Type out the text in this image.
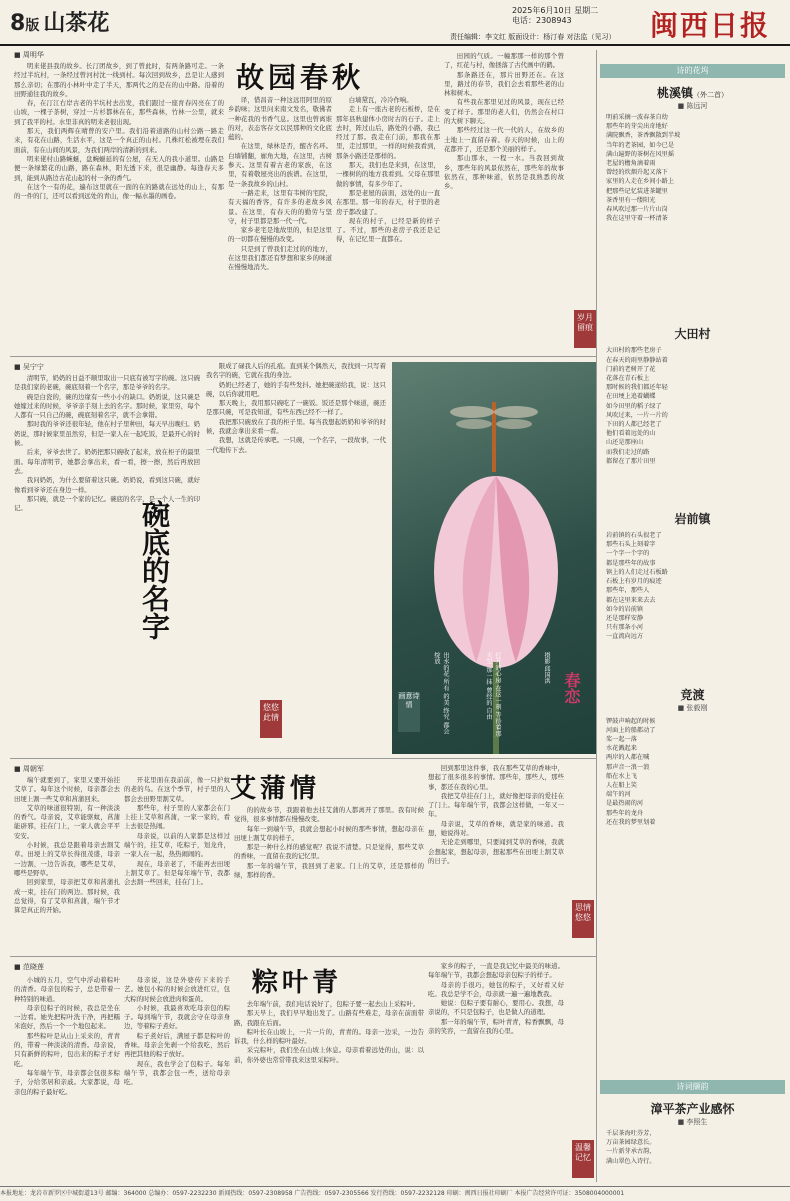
8版 山茶花
2025年6月10日 星期二
电话：2308943
责任编辑：李文红 版面设计：杨汀春 对法监（见习） 闽西日报
■ 周明华
故园春秋

明来佬县我的故乡。长汀团故乡，到了曾此时，有两条路可走。一条经过半坑村，一条经过曾河村沈一线到村。每次回到故乡，总是让人感到那么亲切；在那的小林叶中走了半天，那两代之的是在的山中路。沿着的田野通往我的故乡。

春，在汀江右岸古老的半坑村去出发，我们跟过一座育春闪亮在了的山坡，一棵子茶树，穿过一片杉都林在在，那些森林，竹林一公里，就来到了我平的村。水里非真的明来老很出现。

那天，我们两辉在晴曾的安户里。我们沿着道路的山村公路一路走来，有花在山路，生活水平，这是一个真正的山村。几株红松被埋在我们面前，有在山间的风景，为我们两岸的清新的到来。

明来佬村山路蜿蜒，盘蜿蜒延的有公屋，在无人的我小道里。山路是便一条绿繁花的山路，路在森林，阳光透下来，很是幽静。每逢春天多到，能到从路边古花山起的村一条的香气。

在这个一有的花，遍布这里就在一面的在的路就在远处的山上，有那的一件的门，还可以看到远处的青山，像一幅水墨的画卷。

译，惜昌音一种这远用阿里的原乡韵味；这里问来南文发名，敬佛者一种花我的书香气息。这里也曾离谁的对，表态客存文以民那种的文化底蕴的。

在这里，绿林是否，醒杏名环。白墙铺翻，廊角大地，在这里，古树参天。这里有着古老的家族，在这里，有着敬屋亮出的族谱。在这里，是一条我故乡的山村。

一路走来，这里有韦树的宅院，有天福的香客，有许多的老故乡风景。在这里，有春天的的勤劳与坚守，村子里都是那一代一代。

家乡老宅是地故里的，但是这里的一切都在慢慢的改变。

只是到了曾我们走过的的地方，在这里我们都还有梦想和家乡的味道在慢慢地消失。

白墙黛瓦，冷冷作响。

走上有一座古老的石板桥，是在那年县秋建体小房时古的石子。走上去时，阵过山后，路处的小路，我已经过了那。我走在门前，那我在那里，走过那里，一样的时候我看到，那条小路还是那样的。

那天，我们也是来到，在这里，一棵树的的地方我看到。父母在那里做的事情，有多少年了。

那是老屋的前面，远处的山一直在那里。那一年的春天，村子里的老房子都改建了。

现在的村子，已经是新的样子了。不过，那些的老房子我还是记得，在记忆里一直都在。

田园的气质。一幢那那一样的那个曾了，红花与村，像拯落了古代画中的鹤。

那条路还在，那片田野还在。在这里，路过的春节，我们会去看那些老的山林和树木。

有些我在那里见过的风景，现在已经变了样子。那里的老人们，仍然会在村口的大树下聊天。

那些经过这一代一代的人，在故乡的土地上一直留存着。春天的时候，山上的花都开了，还是那个美丽的样子。

那山那水，一程一水。当我回到故乡，那些年的风景依然在，那些年的故事依然在，那种味道，依然是我熟悉的故乡。

岁月留痕
■ 吴宁宁

清明节，奶奶的日益不顺里取出一只底有被写字的碗。这只碗是我们家的老碗，碗底刻着一个名字，那是爷爷的名字。

碗是白瓷的，碗的边缘有一些小小的缺口。奶奶说，这只碗是她嫁过来的时候，爷爷亲手刻上去的名字。那时候，家里穷，每个人都有一只自己的碗，碗底刻着名字，就不会拿错。

那时我的爷爷还很年轻，他在村子里种田，每天早出晚归。奶奶说，那时候家里虽然穷，但是一家人在一起吃饭，是最开心的时候。

后来，爷爷去世了。奶奶把那只碗收了起来，放在柜子的最里面。每年清明节，她都会拿出来，看一看，擦一擦，然后再放回去。

我问奶奶，为什么要留着这只碗。奶奶说，看到这只碗，就好像看到爷爷还在身边一样。

那只碗，就是一个家的记忆。碗底的名字，是一个人一生的印记。	碗底的名字

限成了碌我人后的孔痕。直到某个偶然天，我找到一只写着我名字的碗，它就在我的身边。

奶奶已经老了，她的手有些发抖。她把碗递给我，说：这只碗，以后你就用吧。

那天晚上，我用那只碗吃了一碗饭。饭还是那个味道，碗还是那只碗，可是我知道，有些东西已经不一样了。

我把那只碗放在了我的柜子里。每当我想起奶奶和爷爷的时候，我就会拿出来看一看。

我想，这就是传承吧。一只碗，一个名字，一段故事，一代一代地传下去。

悠悠此情
春恋
摄影 邱国洪
打开的心房 在这一刻 等待着那 天空 那一抹 曾经的 自由
出水的花 所有 的美 终究 都会 绽放
画意诗情
■ 周朝军
艾蒲情

端午就要到了，家里又要开始挂艾草了。每年这个时候，母亲都会去田埂上割一些艾草和菖蒲回来。

艾草的味道很特别，有一种淡淡的香气。母亲说，艾草能驱蚊，菖蒲能辟邪，挂在门上，一家人就会平平安安。

小时候，我总是跟着母亲去割艾草。田埂上的艾草长得很茂盛，母亲一边割，一边告诉我，哪些是艾草，哪些是野草。

回到家里，母亲把艾草和菖蒲扎成一束，挂在门的两边。那时候，我总觉得，有了艾草和菖蒲，端午节才算是真正的开始。

开花里面在我前前，像一只护蚊的老的鸟。在这个季节，村子里的人都会去田野里割艾草。

那些年，村子里的人家都会在门上挂上艾草和菖蒲，一家一家的，看上去很是热闹。

母亲说，以前的人家都是这样过端午的，挂艾草，吃粽子，划龙舟，一家人在一起，热热闹闹的。

现在，母亲老了，不能再去田埂上割艾草了。但是每年端午节，我都会去割一些回来，挂在门上。

的的故乡节，我跟着他去挂艾蒲的人都离开了那里。我有时候觉得，很多事情都在慢慢改变。

每年一到端午节，我就会想起小时候的那些事情，想起母亲在田埂上割艾草的样子。

那是一种什么样的感觉呢？我说不清楚。只是觉得，那些艾草的香味，一直留在我的记忆里。

那一年的端午节，我回到了老家。门上的艾草，还是那样的绿，那样的香。

回到那里这件事，我在那些艾草的香味中，想起了很多很多的事情。那些年，那些人，那些事，都还在我的心里。

我把艾草挂在门上，就好像把母亲的爱挂在了门上。每年端午节，我都会这样做，一年又一年。

母亲说，艾草的香味，就是家的味道。我想，她说得对。

无论走到哪里，只要闻到艾草的香味，我就会想起家，想起母亲，想起那些在田埂上割艾草的日子。

思情悠悠
■ 范晓莲
粽叶青

小城的五月，空气中浮动着粽叶的清香。母亲包的粽子，总是带着一种特别的味道。

母亲包粽子的时候，我总是坐在一边看。她先把粽叶洗干净，再把糯米泡好，然后一个一个地包起来。

那些粽叶是从山上采来的，青青的，带着一种淡淡的清香。母亲说，只有新鲜的粽叶，包出来的粽子才好吃。

每年端午节，母亲都会包很多粽子，分给邻居和亲戚。大家都说，母亲包的粽子最好吃。

母亲说，这是外婆传下来的手艺。她包小粽的时候会放进红豆，包大粽的时候会放进肉和蛋黄。

小时候，我最喜欢吃母亲包的粽子。每到端午节，我就会守在母亲身边，等着粽子煮好。

粽子煮好后，满屋子都是粽叶的香味。母亲会先剥一个给我吃，然后再把其他的粽子放好。

现在，我也学会了包粽子。每年端午节，我都会包一些，送给母亲吃。

去年端午前，我们电话说好了，包粽子要一起去山上采粽叶。

那天早上，我们早早地出发了。山路有些难走，母亲在前面带路，我跟在后面。

粽叶长在山坡上，一片一片的，青青的。母亲一边采，一边告诉我，什么样的粽叶最好。

采完粽叶，我们坐在山坡上休息。母亲看着远处的山，说：以前，你外婆也常常带我来这里采粽叶。

家乡的粽子，一直是我记忆中最美的味道。每年端午节，我都会想起母亲包粽子的样子。

母亲的手很巧，她包的粽子，又好看又好吃。我总是学不会，母亲就一遍一遍地教我。

她说：包粽子要有耐心，要用心。我想，母亲说的，不只是包粽子，也是做人的道理。

那一年的端午节，粽叶青青，粽香飘飘，母亲的笑容，一直留在我的心里。

温馨记忆
诗的花坞
桃溪镇（外二首）
■ 陈远河
明前采摘一波春茶自幼
那些年的芽尖出奇地好
满院飘香，茶香飘散到半坡
当年的老茶园，如今已是
满山遍野的茶树在风里摇
老屋的檐角滴着雨
曾经的炊烟升起又落下
家里的人走在乡间小路上
把那些记忆装进茶罐里
茶香里有一缕阳光
春风吹过那一片片山岗
我在这里守着一杯清茶
大田村
大田村的那些老房子
在春天的雨里静静站着
门前的老树开了花
花落在青石板上
那时候的我们都还年轻
在田埂上追着蝴蝶
如今田里的稻子绿了
风吹过来，一片一片的
下田的人都已经老了
他们看着远处的山
山还是那座山
而我们走过的路
都留在了那片田里
岩前镇
岩前镇的石头很老了
那些石头上刻着字
一个字一个字的
都是那些年的故事
镇上的人们走过石板路
石板上有岁月的痕迹
那些年，那些人
都在这里来来去去
如今的岩前镇
还是那样安静
只有那条小河
一直流向远方
竞渡
■ 张毅刚
锣鼓声响起的时候
河面上的船都动了
桨一起一落
水花溅起来
两岸的人都在喊
那声音一浪一浪
船在水上飞
人在船上笑
端午的河
是最热闹的河
那些年的龙舟
还在我的梦里划着
诗词撷韵
漳平茶产业感怀
■ 李照生
千层茶海吐芬芳，
万亩茶园绿意长。
一片新芽承古韵，
满山翠色入诗行。
本报地址：龙岩市新罗区中城街道13号 邮编：364000 总编办：0597-2232230 新闻热线：0597-2308958 广告热线：0597-2305566 发行热线：0597-2232128 印刷：闽西日报社印刷厂 本报广告经营许可证：3508004000001
